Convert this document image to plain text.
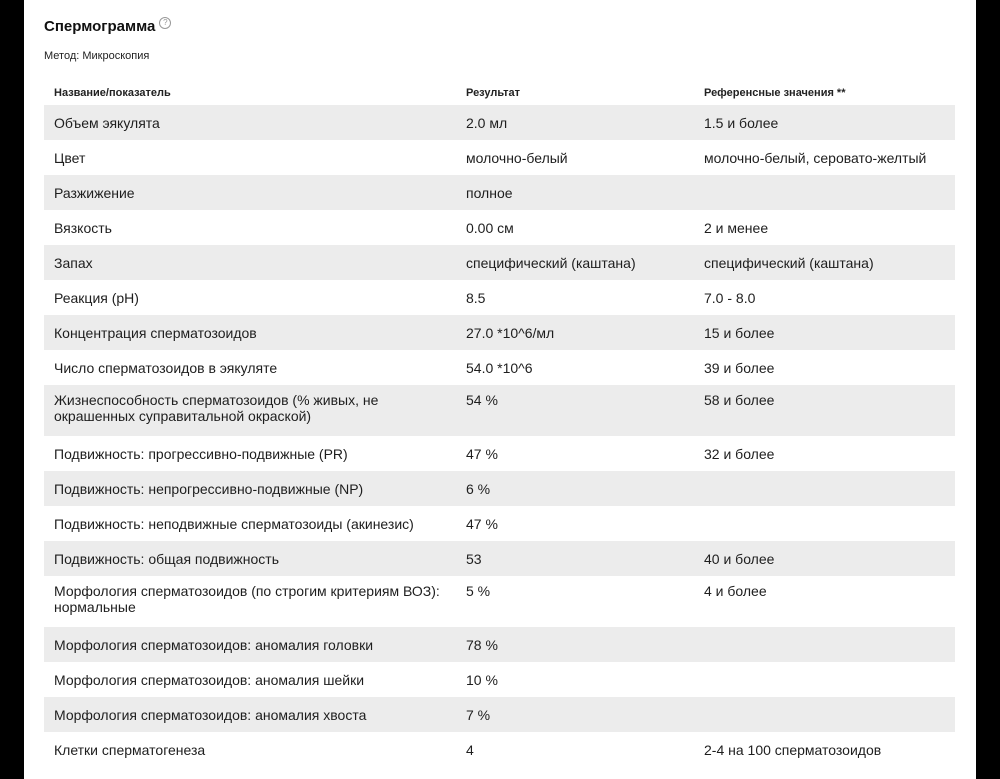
Спермограмма ?
Метод: Микроскопия
Название/показатель	Результат	Референсные значения **
Объем эякулята	2.0 мл	1.5 и более
Цвет	молочно-белый	молочно-белый, серовато-желтый
Разжижение	полное	
Вязкость	0.00 см	2 и менее
Запах	специфический (каштана)	специфический (каштана)
Реакция (pH)	8.5	7.0 - 8.0
Концентрация сперматозоидов	27.0 *10^6/мл	15 и более
Число сперматозоидов в эякуляте	54.0 *10^6	39 и более
Жизнеспособность сперматозоидов (% живых, не окрашенных суправитальной окраской)	54 %	58 и более
Подвижность: прогрессивно-подвижные (PR)	47 %	32 и более
Подвижность: непрогрессивно-подвижные (NP)	6 %	
Подвижность: неподвижные сперматозоиды (акинезис)	47 %	
Подвижность: общая подвижность	53	40 и более
Морфология сперматозоидов (по строгим критериям ВОЗ): нормальные	5 %	4 и более
Морфология сперматозоидов: аномалия головки	78 %	
Морфология сперматозоидов: аномалия шейки	10 %	
Морфология сперматозоидов: аномалия хвоста	7 %	
Клетки сперматогенеза	4	2-4 на 100 сперматозоидов
